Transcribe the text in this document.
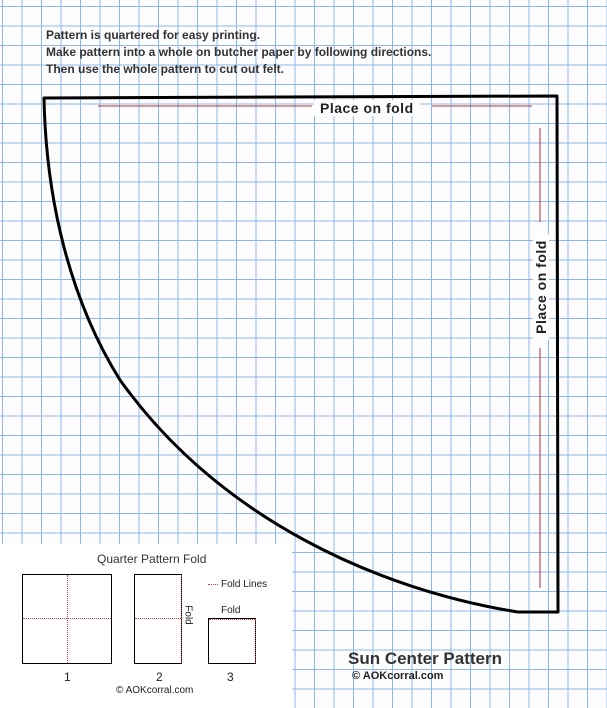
Pattern is quartered for easy printing.
Make pattern into a whole on butcher paper by following directions.
Then use the whole pattern to cut out felt.
Place on fold
Place on fold
Quarter Pattern Fold
1	2
Fold	Fold
3
Fold Lines
© AOKcorral.com
Sun Center Pattern
© AOKcorral.com
